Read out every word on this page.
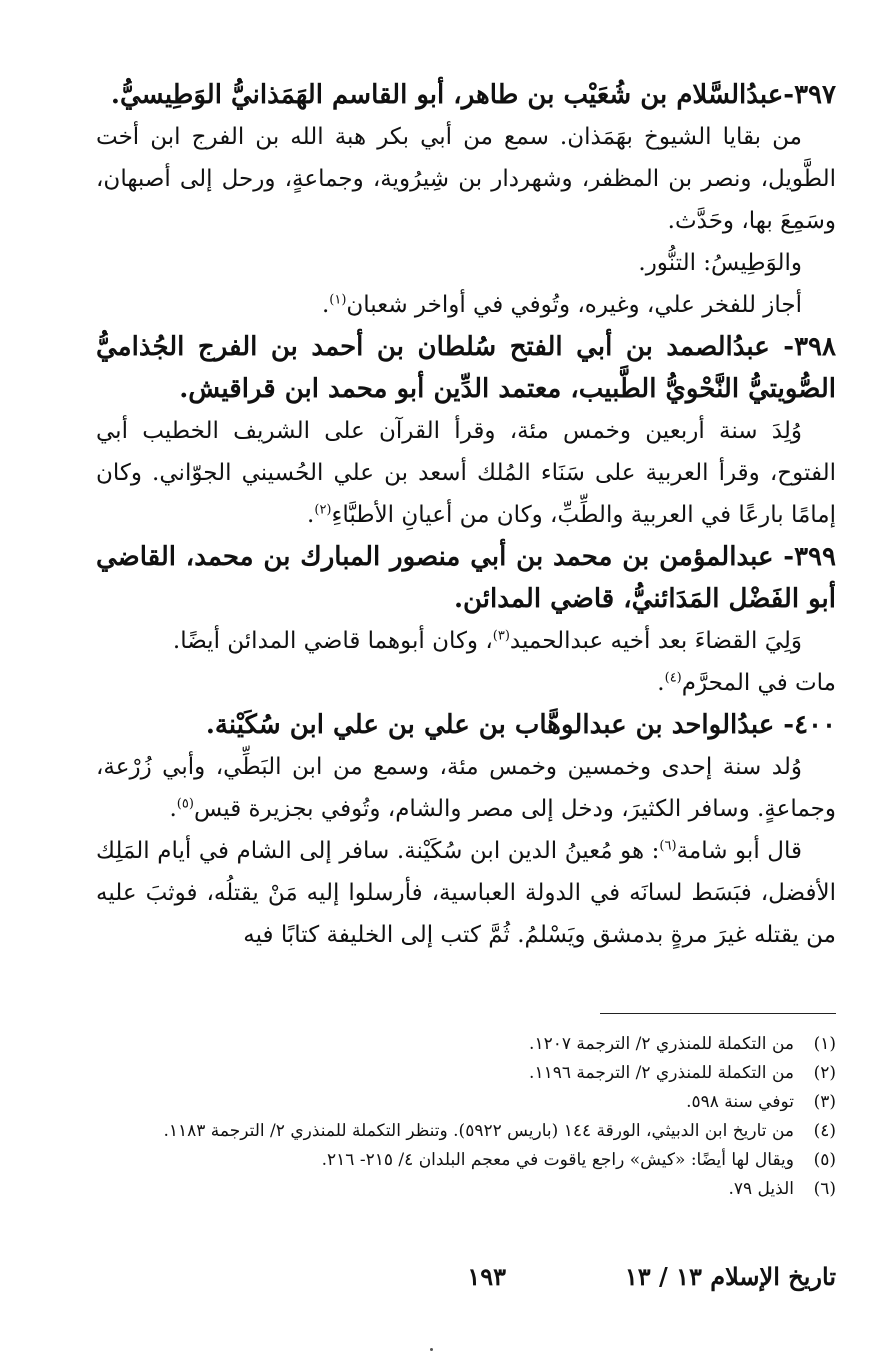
٣٩٧-عبدُالسَّلام بن شُعَيْب بن طاهر، أبو القاسم الهَمَذانيُّ الوَطِيسيُّ.

من بقايا الشيوخ بهَمَذان. سمع من أبي بكر هبة الله بن الفرج ابن أخت الطَّويل، ونصر بن المظفر، وشهردار بن شِيرُوية، وجماعةٍ، ورحل إلى أصبهان، وسَمِعَ بها، وحَدَّث.

والوَطِيسُ: التنُّور.

أجاز للفخر علي، وغيره، وتُوفي في أواخر شعبان$^{(١)}$.

٣٩٨- عبدُالصمد بن أبي الفتح سُلطان بن أحمد بن الفرج الجُذاميُّ الصُّويتيُّ النَّحْويُّ الطَّبيب، معتمد الدِّين أبو محمد ابن قراقيش.

وُلِدَ سنة أربعين وخمس مئة، وقرأ القرآن على الشريف الخطيب أبي الفتوح، وقرأ العربية على سَنَاء المُلك أسعد بن علي الحُسيني الجوّاني. وكان إمامًا بارعًا في العربية والطِّبِّ، وكان من أعيانِ الأطبَّاءِ$^{(٢)}$.

٣٩٩- عبدالمؤمن بن محمد بن أبي منصور المبارك بن محمد، القاضي أبو الفَضْل المَدَائنيُّ، قاضي المدائن.

وَلِيَ القضاءَ بعد أخيه عبدالحميد$^{(٣)}$، وكان أبوهما قاضي المدائن أيضًا.

مات في المحرَّم$^{(٤)}$.

٤٠٠- عبدُالواحد بن عبدالوهَّاب بن علي بن علي ابن سُكَيْنة.

وُلد سنة إحدى وخمسين وخمس مئة، وسمع من ابن البَطِّي، وأبي زُرْعة، وجماعةٍ. وسافر الكثيرَ، ودخل إلى مصر والشام، وتُوفي بجزيرة قيس$^{(٥)}$.

قال أبو شامة$^{(٦)}$: هو مُعينُ الدين ابن سُكَيْنة. سافر إلى الشام في أيام المَلِك الأفضل، فبَسَط لسانَه في الدولة العباسية، فأرسلوا إليه مَنْ يقتلُه، فوثبَ عليه من يقتله غيرَ مرةٍ بدمشق ويَسْلمُ. ثُمَّ كتب إلى الخليفة كتابًا فيه

(١)
من التكملة للمنذري ٢/ الترجمة ١٢٠٧.
(٢)
من التكملة للمنذري ٢/ الترجمة ١١٩٦.
(٣)
توفي سنة ٥٩٨.
(٤)
من تاريخ ابن الدبيثي، الورقة ١٤٤ (باريس ٥٩٢٢). وتنظر التكملة للمنذري ٢/ الترجمة ١١٨٣.
(٥)
ويقال لها أيضًا: «كيش» راجع ياقوت في معجم البلدان ٤/ ٢١٥- ٢١٦.
(٦)
الذيل ٧٩.
تاريخ الإسلام ١٣ / ١٣
١٩٣
